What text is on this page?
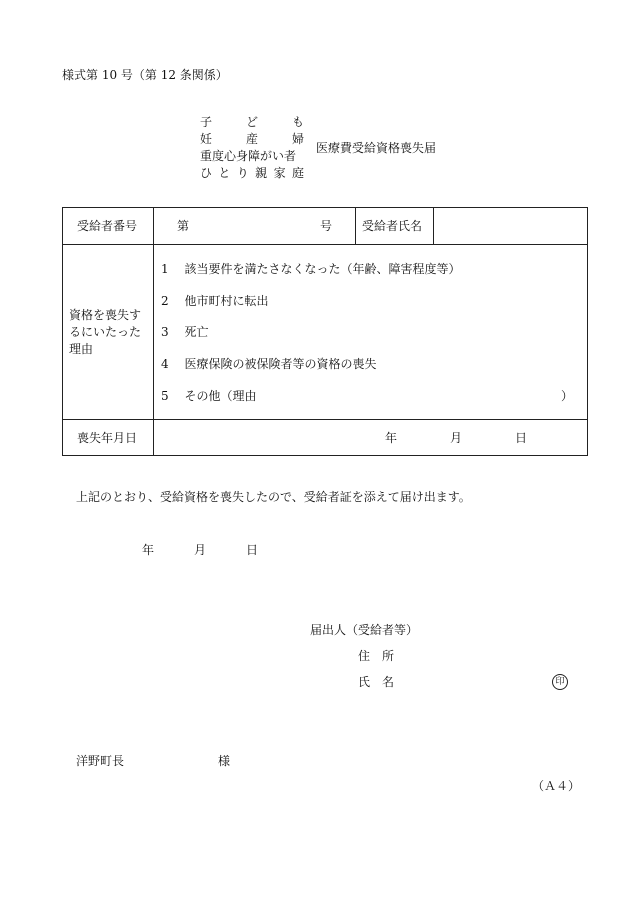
様式第 10 号（第 12 条関係）
子	ど	も
妊	産	婦
重度心身障がい者
ひ と り 親 家 庭
医療費受給資格喪失届
受給者番号	第	号 受給者氏名
資格を喪失す
るにいたった
理由
1 該当要件を満たさなくなった（年齢、障害程度等）
2 他市町村に転出
3 死亡
4 医療保険の被保険者等の資格の喪失
5 その他（理由	）
喪失年月日	年	月	日
上記のとおり、受給資格を喪失したので、受給者証を添えて届け出ます。
年	月	日
届出人（受給者等）
住　所
氏　名	印
洋野町長	様
（Ａ４）
